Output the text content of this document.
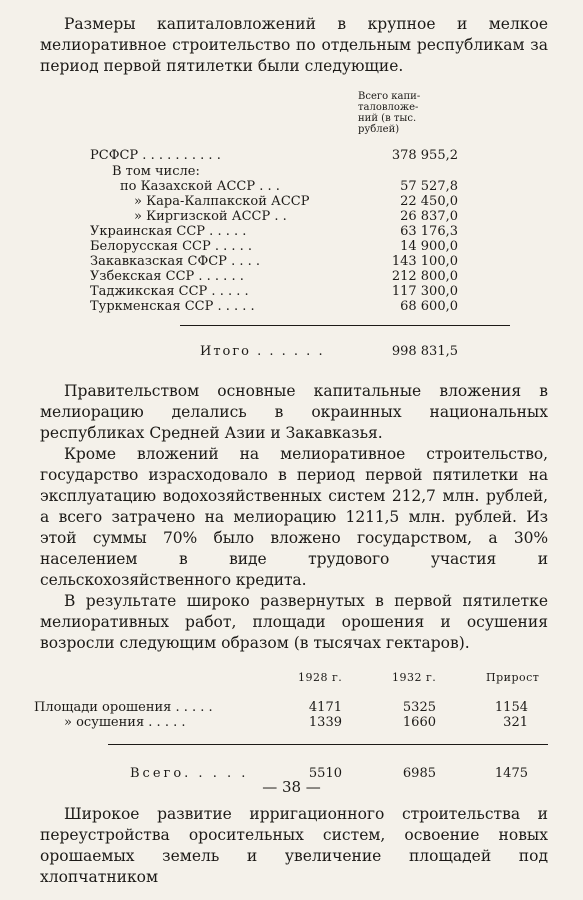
Размеры капиталовложений в крупное и мелкое мелиоративное строительство по отдельным республикам за период первой пятилетки были следующие.

Всего капи-
таловложе-
ний (в тыс.
рублей)
РСФСР . . . . . . . . . .	378 955,2
В том числе:
по Казахской АССР . . .	57 527,8
» Кара-Калпакской АССР	22 450,0
» Киргизской АССР . .	26 837,0
Украинская ССР . . . . .	63 176,3
Белорусская ССР . . . . .	14 900,0
Закавказская СФСР . . . .	143 100,0
Узбекская ССР . . . . . .	212 800,0
Таджикская ССР . . . . .	117 300,0
Туркменская ССР . . . . .	68 600,0
Итого . . . . . .	998 831,5

Правительством основные капитальные вложения в мелиорацию делались в окраинных национальных республиках Средней Азии и Закавказья.

Кроме вложений на мелиоративное строительство, государство израсходовало в период первой пятилетки на эксплуатацию водохозяйственных систем 212,7 млн. рублей, а всего затрачено на мелиорацию 1211,5 млн. рублей. Из этой суммы 70% было вложено государством, а 30% населением в виде трудового участия и сельскохозяйственного кредита.

В результате широко развернутых в первой пятилетке мелиоративных работ, площади орошения и осушения возросли следующим образом (в тысячах гектаров).

1928 г.	1932 г.	Прирост
Площади орошения . . . . .	4171	5325	1154
» осушения . . . . .	1339	1660	321
Всего. . . . .	5510	6985	1475

Широкое развитие ирригационного строительства и переустройства оросительных систем, освоение новых орошаемых земель и увеличение площадей под хлопчатником

— 38 —
